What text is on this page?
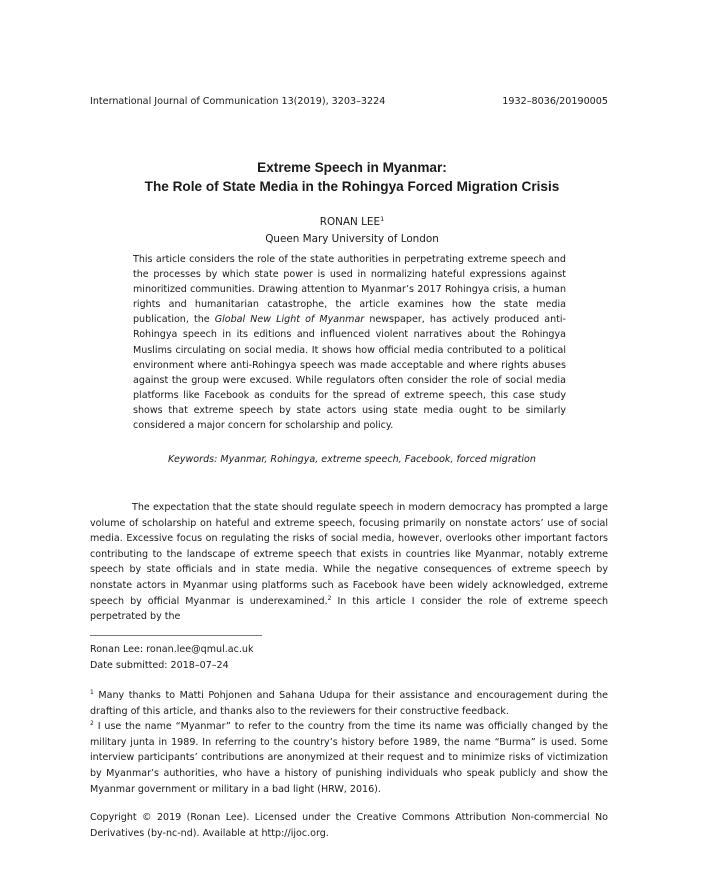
International Journal of Communication 13(2019), 3203–3224	1932–8036/20190005
Extreme Speech in Myanmar:
The Role of State Media in the Rohingya Forced Migration Crisis
RONAN LEE$^1$
Queen Mary University of London
This article considers the role of the state authorities in perpetrating extreme speech and the processes by which state power is used in normalizing hateful expressions against minoritized communities. Drawing attention to Myanmar’s 2017 Rohingya crisis, a human rights and humanitarian catastrophe, the article examines how the state media publication, the Global New Light of Myanmar newspaper, has actively produced anti-Rohingya speech in its editions and influenced violent narratives about the Rohingya Muslims circulating on social media. It shows how official media contributed to a political environment where anti-Rohingya speech was made acceptable and where rights abuses against the group were excused. While regulators often consider the role of social media platforms like Facebook as conduits for the spread of extreme speech, this case study shows that extreme speech by state actors using state media ought to be similarly considered a major concern for scholarship and policy.
Keywords: Myanmar, Rohingya, extreme speech, Facebook, forced migration
The expectation that the state should regulate speech in modern democracy has prompted a large volume of scholarship on hateful and extreme speech, focusing primarily on nonstate actors’ use of social media. Excessive focus on regulating the risks of social media, however, overlooks other important factors contributing to the landscape of extreme speech that exists in countries like Myanmar, notably extreme speech by state officials and in state media. While the negative consequences of extreme speech by nonstate actors in Myanmar using platforms such as Facebook have been widely acknowledged, extreme speech by official Myanmar is underexamined.$^2$ In this article I consider the role of extreme speech perpetrated by the
Ronan Lee: ronan.lee@qmul.ac.uk
Date submitted: 2018–07–24

$^1$ Many thanks to Matti Pohjonen and Sahana Udupa for their assistance and encouragement during the drafting of this article, and thanks also to the reviewers for their constructive feedback.

$^2$ I use the name “Myanmar” to refer to the country from the time its name was officially changed by the military junta in 1989. In referring to the country’s history before 1989, the name “Burma” is used. Some interview participants’ contributions are anonymized at their request and to minimize risks of victimization by Myanmar’s authorities, who have a history of punishing individuals who speak publicly and show the Myanmar government or military in a bad light (HRW, 2016).

Copyright © 2019 (Ronan Lee). Licensed under the Creative Commons Attribution Non-commercial No Derivatives (by-nc-nd). Available at http://ijoc.org.
